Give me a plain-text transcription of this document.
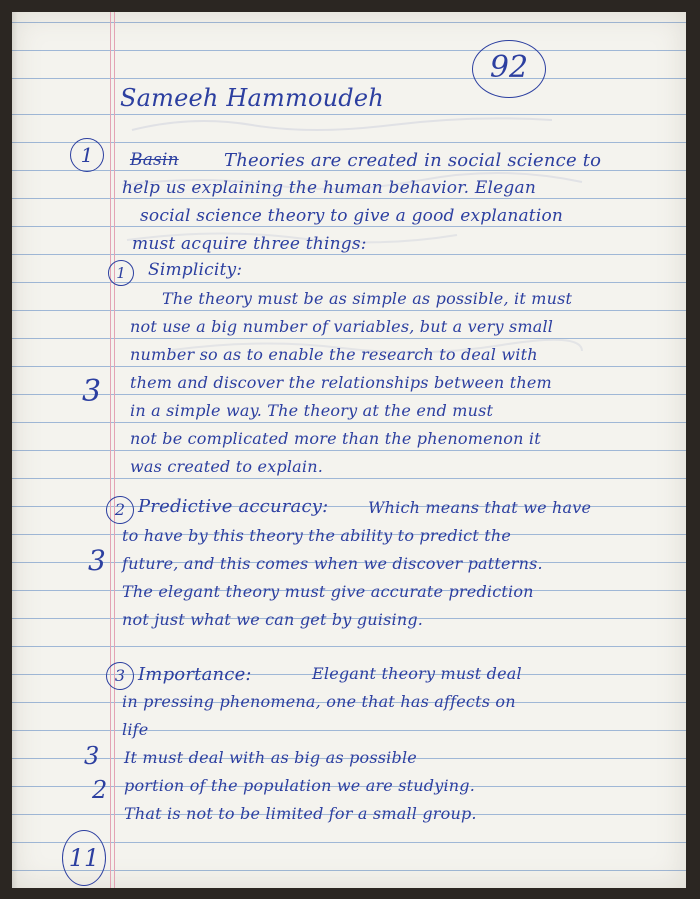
92
Sameeh Hammoudeh
1	Basin	Theories are created in social science to
help us explaining the human behavior. Elegan
social science theory to give a good explanation
must acquire three things:
1	Simplicity:
The theory must be as simple as possible, it must
not use a big number of variables, but a very small
number so as to enable the research to deal with
them and discover the relationships between them
3
in a simple way. The theory at the end must
not be complicated more than the phenomenon it
was created to explain.
2 Predictive accuracy: Which means that we have
to have by this theory the ability to predict the
3 future, and this comes when we discover patterns.
The elegant theory must give accurate prediction
not just what we can get by guising.
3 Importance:	Elegant theory must deal
in pressing phenomena, one that has affects on
life
3 It must deal with as big as possible
2 portion of the population we are studying.
That is not to be limited for a small group.
11
